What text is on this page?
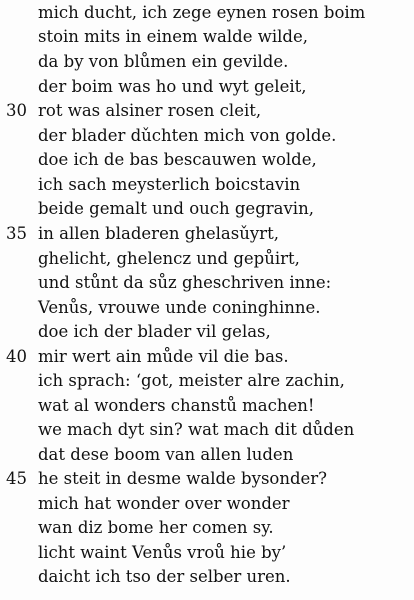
mich ducht, ich zege eynen rosen boim
stoin mits in einem walde wilde,
da by von blůmen ein gevilde.
der boim was ho und wyt geleit,
30 rot was alsiner rosen cleit,
der blader dǔchten mich von golde.
doe ich de bas bescauwen wolde,
ich sach meysterlich boicstavin
beide gemalt und ouch gegravin,
35 in allen bladeren ghelasǔyrt,
ghelicht, ghelencz und gepůirt,
und stůnt da sůz gheschriven inne:
Venůs, vrouwe unde coninghinne.
doe ich der blader vil gelas,
40 mir wert ain můde vil die bas.
ich sprach: ‘got, meister alre zachin,
wat al wonders chanstů machen!
we mach dyt sin? wat mach dit důden
dat dese boom van allen luden
45 he steit in desme walde bysonder?
mich hat wonder over wonder
wan diz bome her comen sy.
licht waint Venůs vroů hie by’
daicht ich tso der selber uren.
